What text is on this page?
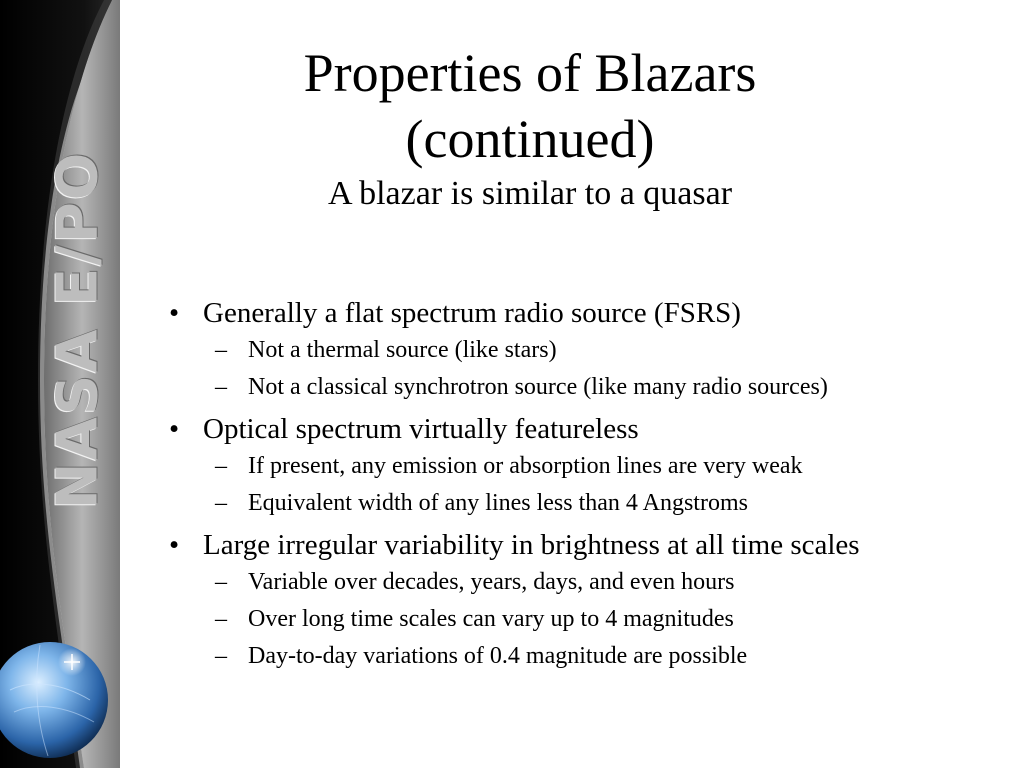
NASA E/PO
Properties of Blazars
(continued)
A blazar is similar to a quasar
• Generally a flat spectrum radio source (FSRS)
– Not a thermal source (like stars)
– Not a classical synchrotron source (like many radio sources)
• Optical spectrum virtually featureless
– If present, any emission or absorption lines are very weak
– Equivalent width of any lines less than 4 Angstroms
• Large irregular variability in brightness at all time scales
– Variable over decades, years, days, and even hours
– Over long time scales can vary up to 4 magnitudes
– Day-to-day variations of 0.4 magnitude are possible
